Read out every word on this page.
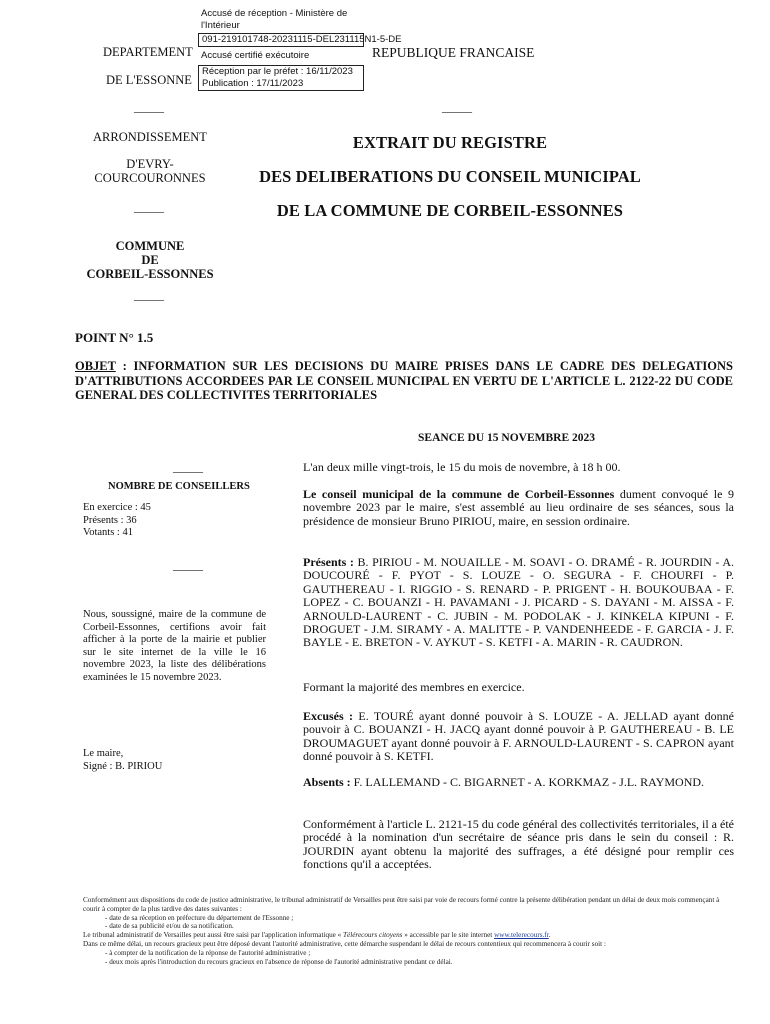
Accusé de réception - Ministère de l'Intérieur
091-219101748-20231115-DEL231115N1-5-DE
Accusé certifié exécutoire
Réception par le préfet : 16/11/2023
Publication : 17/11/2023
DEPARTEMENT
DE L'ESSONNE
REPUBLIQUE FRANCAISE
_____	_____
ARRONDISSEMENT
D'EVRY-
COURCOURONNES
_____
COMMUNE
DE
CORBEIL-ESSONNES
_____
EXTRAIT DU REGISTRE
DES DELIBERATIONS DU CONSEIL MUNICIPAL
DE LA COMMUNE DE CORBEIL-ESSONNES
POINT N° 1.5
OBJET : INFORMATION SUR LES DECISIONS DU MAIRE PRISES DANS LE CADRE DES DELEGATIONS D'ATTRIBUTIONS ACCORDEES PAR LE CONSEIL MUNICIPAL EN VERTU DE L'ARTICLE L. 2122-22 DU CODE GENERAL DES COLLECTIVITES TERRITORIALES
SEANCE DU 15 NOVEMBRE 2023
_____
NOMBRE DE CONSEILLERS
En exercice : 45
Présents : 36
Votants : 41
_____
Nous, soussigné, maire de la commune de Corbeil-Essonnes, certifions avoir fait afficher à la porte de la mairie et publier sur le site internet de la ville le 16 novembre 2023, la liste des délibérations examinées le 15 novembre 2023.
Le maire,
Signé : B. PIRIOU
L'an deux mille vingt-trois, le 15 du mois de novembre, à 18 h 00.
Le conseil municipal de la commune de Corbeil-Essonnes dument convoqué le 9 novembre 2023 par le maire, s'est assemblé au lieu ordinaire de ses séances, sous la présidence de monsieur Bruno PIRIOU, maire, en session ordinaire.
Présents : B. PIRIOU - M. NOUAILLE - M. SOAVI - O. DRAMÉ - R. JOURDIN - A. DOUCOURÉ - F. PYOT - S. LOUZE - O. SEGURA - F. CHOURFI - P. GAUTHEREAU - I. RIGGIO - S. RENARD - P. PRIGENT - H. BOUKOUBAA - F. LOPEZ - C. BOUANZI - H. PAVAMANI - J. PICARD - S. DAYANI - M. AISSA - F. ARNOULD-LAURENT - C. JUBIN - M. PODOLAK - J. KINKELA KIPUNI - F. DROGUET - J.M. SIRAMY - A. MALITTE - P. VANDENHEEDE - F. GARCIA - J. F. BAYLE - E. BRETON - V. AYKUT - S. KETFI - A. MARIN - R. CAUDRON.
Formant la majorité des membres en exercice.
Excusés : E. TOURÉ ayant donné pouvoir à S. LOUZE - A. JELLAD ayant donné pouvoir à C. BOUANZI - H. JACQ ayant donné pouvoir à P. GAUTHEREAU - B. LE DROUMAGUET ayant donné pouvoir à F. ARNOULD-LAURENT - S. CAPRON ayant donné pouvoir à S. KETFI.
Absents : F. LALLEMAND - C. BIGARNET - A. KORKMAZ - J.L. RAYMOND.
Conformément à l'article L. 2121-15 du code général des collectivités territoriales, il a été procédé à la nomination d'un secrétaire de séance pris dans le sein du conseil : R. JOURDIN ayant obtenu la majorité des suffrages, a été désigné pour remplir ces fonctions qu'il a acceptées.
Conformément aux dispositions du code de justice administrative, le tribunal administratif de Versailles peut être saisi par voie de recours formé contre la présente délibération pendant un délai de deux mois commençant à courir à compter de la plus tardive des dates suivantes :
- date de sa réception en préfecture du département de l'Essonne ;
- date de sa publicité et/ou de sa notification.
Le tribunal administratif de Versailles peut aussi être saisi par l'application informatique « Télérecours citoyens » accessible par le site internet www.telerecours.fr.
Dans ce même délai, un recours gracieux peut être déposé devant l'autorité administrative, cette démarche suspendant le délai de recours contentieux qui recommencera à courir soit :
- à compter de la notification de la réponse de l'autorité administrative ;
- deux mois après l'introduction du recours gracieux en l'absence de réponse de l'autorité administrative pendant ce délai.
